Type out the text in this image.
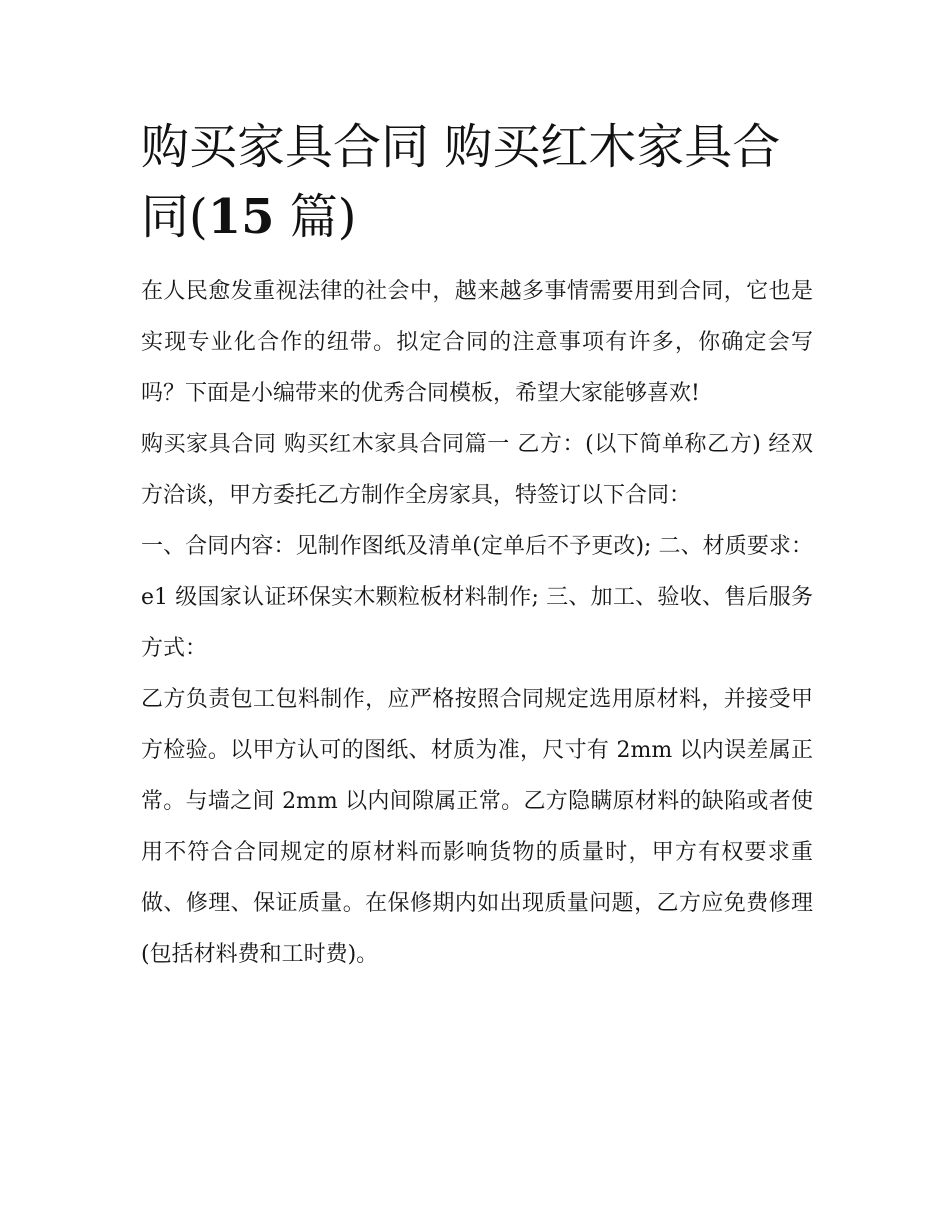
购买家具合同 购买红木家具合同(15 篇)

在人民愈发重视法律的社会中，越来越多事情需要用到合同，它也是实现专业化合作的纽带。拟定合同的注意事项有许多，你确定会写吗？下面是小编带来的优秀合同模板，希望大家能够喜欢!

购买家具合同 购买红木家具合同篇一 乙方：(以下简单称乙方) 经双方洽谈，甲方委托乙方制作全房家具，特签订以下合同：

一、合同内容：见制作图纸及清单(定单后不予更改); 二、材质要求：e1 级国家认证环保实木颗粒板材料制作; 三、加工、验收、售后服务方式：

乙方负责包工包料制作，应严格按照合同规定选用原材料，并接受甲方检验。以甲方认可的图纸、材质为准，尺寸有 2mm 以内误差属正常。与墙之间 2mm 以内间隙属正常。乙方隐瞒原材料的缺陷或者使用不符合合同规定的原材料而影响货物的质量时，甲方有权要求重做、修理、保证质量。在保修期内如出现质量问题，乙方应免费修理(包括材料费和工时费)。
